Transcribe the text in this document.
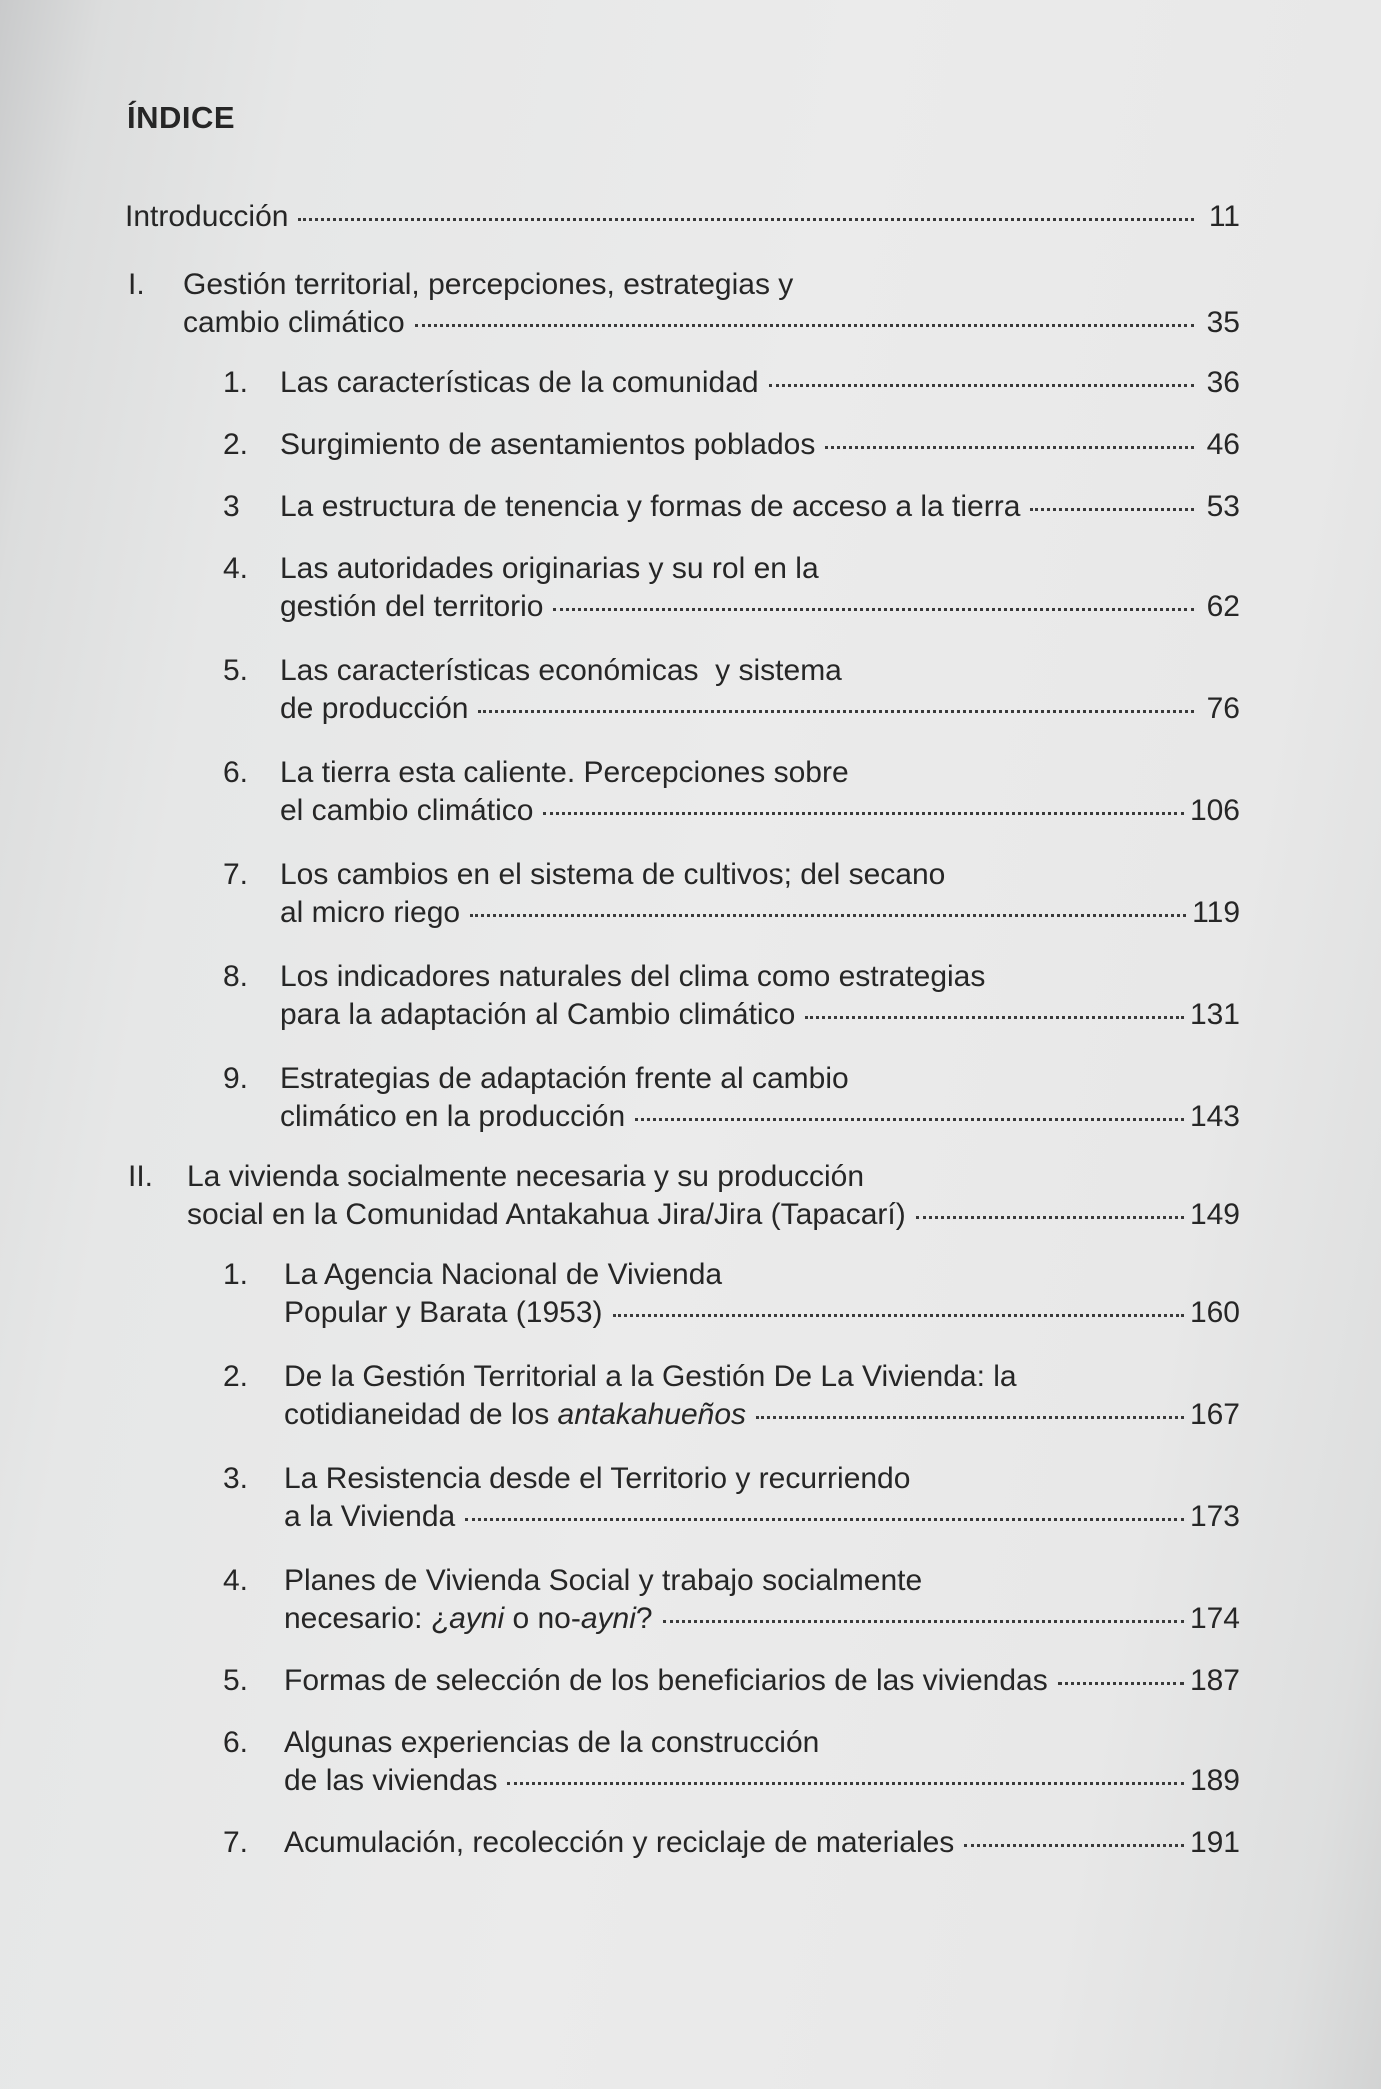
ÍNDICE
Introducción	11
I. Gestión territorial, percepciones, estrategias y
cambio climático	35
1. Las características de la comunidad	36
2. Surgimiento de asentamientos poblados	46
3 La estructura de tenencia y formas de acceso a la tierra	53
4. Las autoridades originarias y su rol en la
gestión del territorio	62
5. Las características económicas  y sistema
de producción	76
6. La tierra esta caliente. Percepciones sobre
el cambio climático	106
7. Los cambios en el sistema de cultivos; del secano
al micro riego	119
8. Los indicadores naturales del clima como estrategias
para la adaptación al Cambio climático	131
9. Estrategias de adaptación frente al cambio
climático en la producción	143
II. La vivienda socialmente necesaria y su producción
social en la Comunidad Antakahua Jira/Jira (Tapacarí)	149
1. La Agencia Nacional de Vivienda
Popular y Barata (1953)	160
2. De la Gestión Territorial a la Gestión De La Vivienda: la
cotidianeidad de los antakahueños	167
3. La Resistencia desde el Territorio y recurriendo
a la Vivienda	173
4. Planes de Vivienda Social y trabajo socialmente
necesario: ¿ayni o no-ayni?	174
5. Formas de selección de los beneficiarios de las viviendas	187
6. Algunas experiencias de la construcción
de las viviendas	189
7. Acumulación, recolección y reciclaje de materiales	191
